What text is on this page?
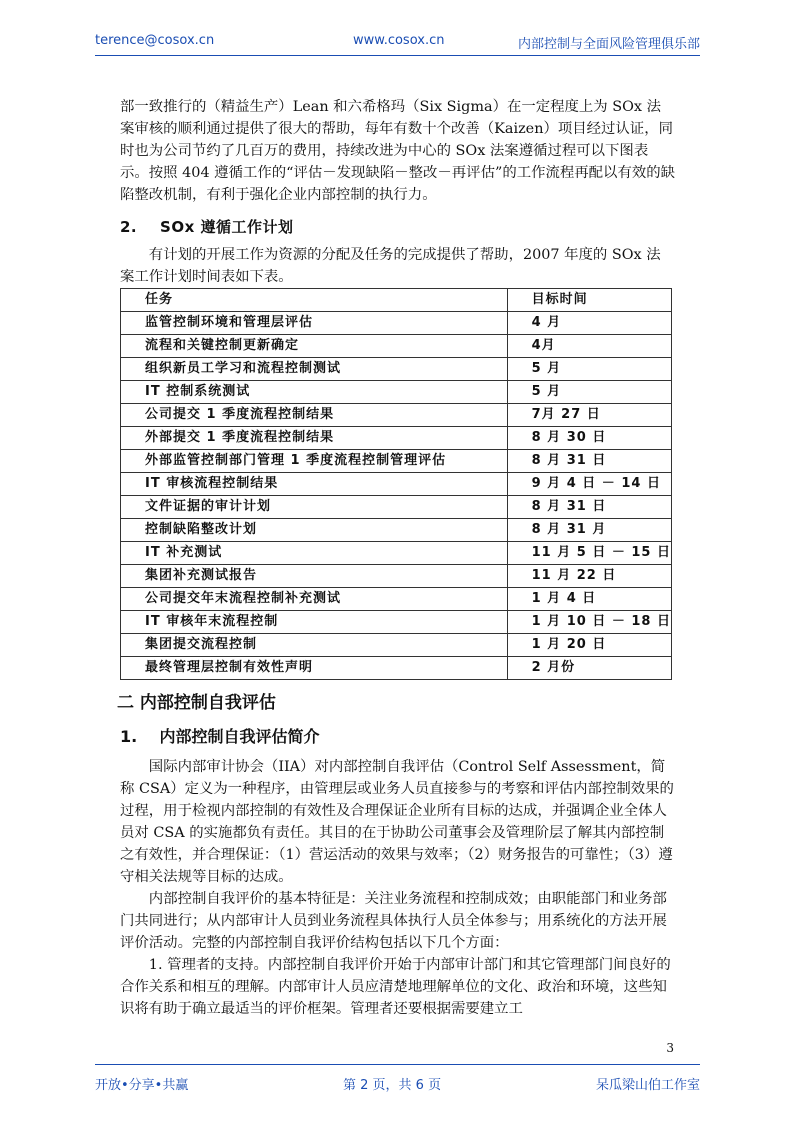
terence@cosox.cn	www.cosox.cn	内部控制与全面风险管理俱乐部

部一致推行的（精益生产）Lean 和六希格玛（Six Sigma）在一定程度上为 SOx 法案审核的顺利通过提供了很大的帮助，每年有数十个改善（Kaizen）项目经过认证，同时也为公司节约了几百万的费用，持续改进为中心的 SOx 法案遵循过程可以下图表示。按照 404 遵循工作的“评估－发现缺陷－整改－再评估”的工作流程再配以有效的缺陷整改机制，有利于强化企业内部控制的执行力。

2.    SOx 遵循工作计划

有计划的开展工作为资源的分配及任务的完成提供了帮助，2007 年度的 SOx 法案工作计划时间表如下表。

任务	目标时间
监管控制环境和管理层评估	4 月
流程和关键控制更新确定	4月
组织新员工学习和流程控制测试	5 月
IT 控制系统测试	5 月
公司提交 1 季度流程控制结果	7月 27 日
外部提交 1 季度流程控制结果	8 月 30 日
外部监管控制部门管理 1 季度流程控制管理评估	8 月 31 日
IT 审核流程控制结果	9 月 4 日 － 14 日
文件证据的审计计划	8 月 31 日
控制缺陷整改计划	8 月 31 月
IT 补充测试	11 月 5 日 － 15 日
集团补充测试报告	11 月 22 日
公司提交年末流程控制补充测试	1 月 4 日
IT 审核年末流程控制	1 月 10 日 － 18 日
集团提交流程控制	1 月 20 日
最终管理层控制有效性声明	2 月份
二 内部控制自我评估
1.    内部控制自我评估简介

国际内部审计协会（IIA）对内部控制自我评估（Control Self Assessment，简称 CSA）定义为一种程序，由管理层或业务人员直接参与的考察和评估内部控制效果的过程，用于检视内部控制的有效性及合理保证企业所有目标的达成，并强调企业全体人员对 CSA 的实施都负有责任。其目的在于协助公司董事会及管理阶层了解其内部控制之有效性，并合理保证：（1）营运活动的效果与效率；（2）财务报告的可靠性；（3）遵守相关法规等目标的达成。

内部控制自我评价的基本特征是：关注业务流程和控制成效；由职能部门和业务部门共同进行；从内部审计人员到业务流程具体执行人员全体参与；用系统化的方法开展评价活动。完整的内部控制自我评价结构包括以下几个方面：

1. 管理者的支持。内部控制自我评价开始于内部审计部门和其它管理部门间良好的合作关系和相互的理解。内部审计人员应清楚地理解单位的文化、政治和环境，这些知识将有助于确立最适当的评价框架。管理者还要根据需要建立工

3
开放•分享•共赢	第 2 页，共 6 页	呆瓜梁山伯工作室
